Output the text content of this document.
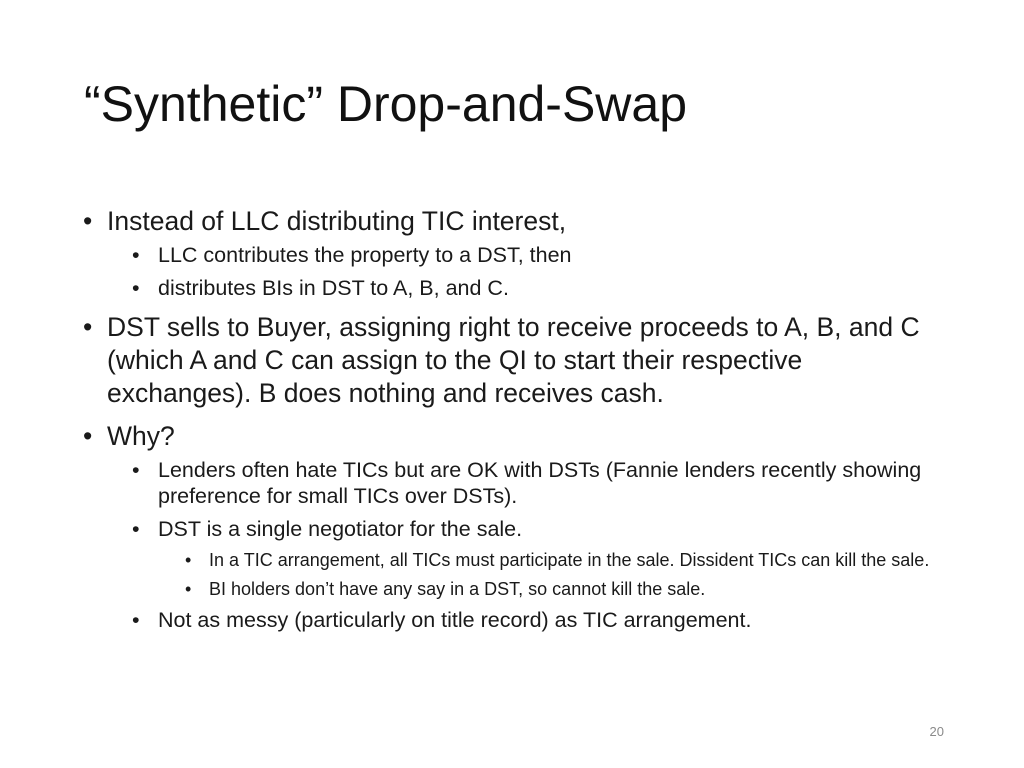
“Synthetic” Drop-and-Swap
• Instead of LLC distributing TIC interest,
• LLC contributes the property to a DST, then
• distributes BIs in DST to A, B, and C.
• DST sells to Buyer, assigning right to receive proceeds to A, B, and C (which A and C can assign to the QI to start their respective exchanges). B does nothing and receives cash.
• Why?
• Lenders often hate TICs but are OK with DSTs (Fannie lenders recently showing preference for small TICs over DSTs).
• DST is a single negotiator for the sale.
• In a TIC arrangement, all TICs must participate in the sale. Dissident TICs can kill the sale.
• BI holders don’t have any say in a DST, so cannot kill the sale.
• Not as messy (particularly on title record) as TIC arrangement.
20
